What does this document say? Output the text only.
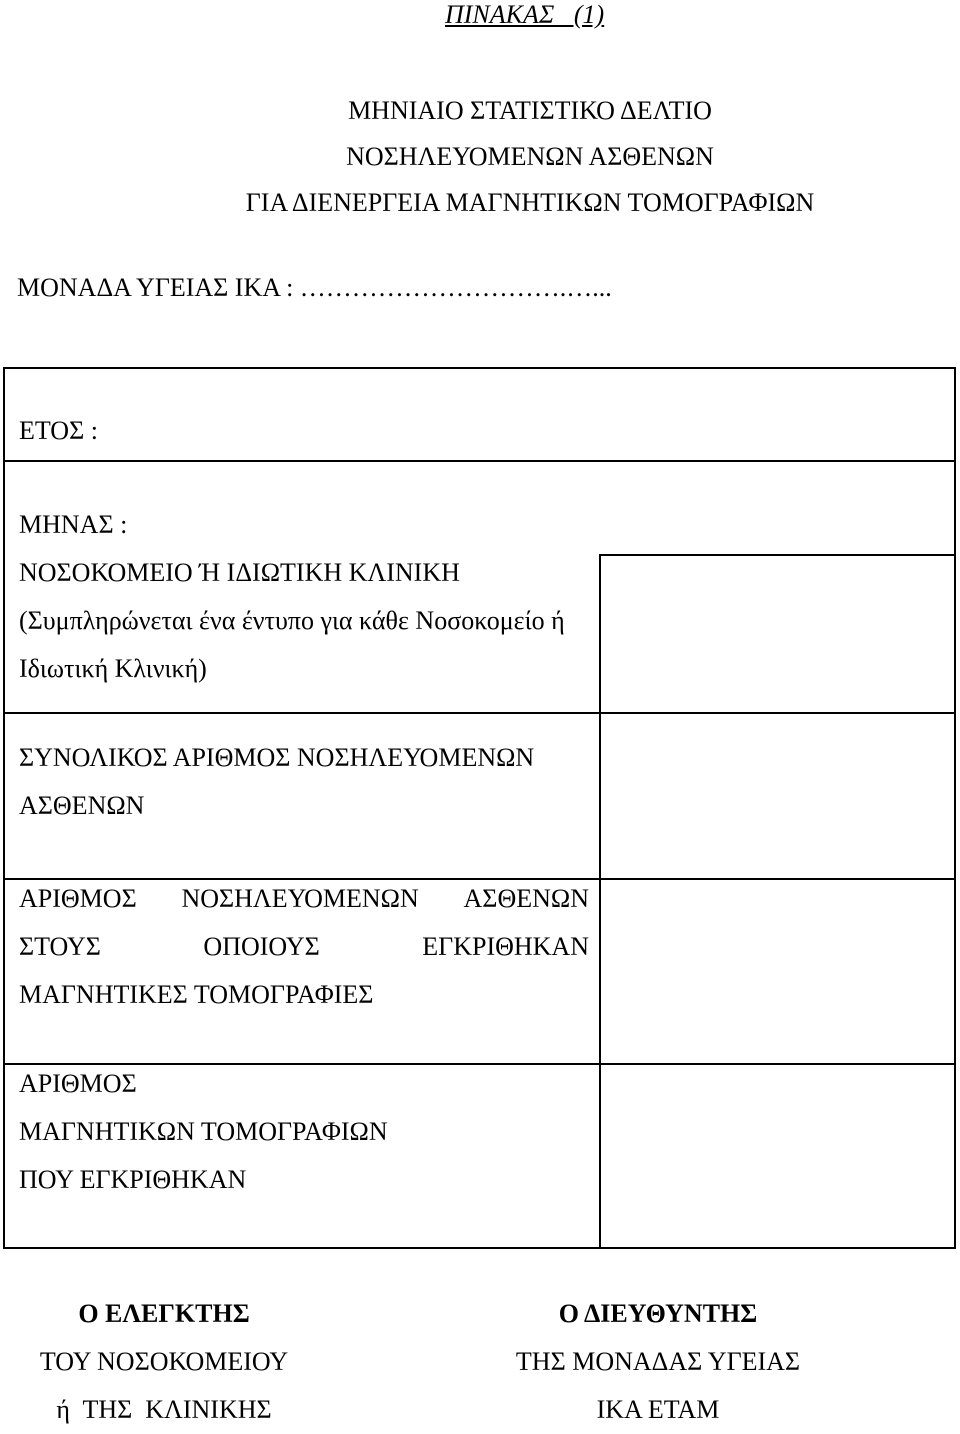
ΠΙΝΑΚΑΣ   (1)
ΜΗΝΙΑΙΟ ΣΤΑΤΙΣΤΙΚΟ ΔΕΛΤΙΟ
ΝΟΣΗΛΕΥΟΜΕΝΩΝ ΑΣΘΕΝΩΝ
ΓΙΑ ΔΙΕΝΕΡΓΕΙΑ ΜΑΓΝΗΤΙΚΩΝ ΤΟΜΟΓΡΑΦΙΩΝ
ΜΟΝΑΔΑ ΥΓΕΙΑΣ ΙΚΑ : ………………………….…...
ΕΤΟΣ :
ΜΗΝΑΣ :
ΝΟΣΟΚΟΜΕΙΟ Ή ΙΔΙΩΤΙΚΗ ΚΛΙΝΙΚΗ
(Συμπληρώνεται ένα έντυπο για κάθε Νοσοκομείο ή
Ιδιωτική Κλινική)
ΣΥΝΟΛΙΚΟΣ ΑΡΙΘΜΟΣ ΝΟΣΗΛΕΥΟΜΕΝΩΝ
ΑΣΘΕΝΩΝ
ΑΡΙΘΜΟΣ ΝΟΣΗΛΕΥΟΜΕΝΩΝ ΑΣΘΕΝΩΝ
ΣΤΟΥΣ	ΟΠΟΙΟΥΣ	ΕΓΚΡΙΘΗΚΑΝ
ΜΑΓΝΗΤΙΚΕΣ ΤΟΜΟΓΡΑΦΙΕΣ
ΑΡΙΘΜΟΣ
ΜΑΓΝΗΤΙΚΩΝ ΤΟΜΟΓΡΑΦΙΩΝ
ΠΟΥ ΕΓΚΡΙΘΗΚΑΝ
Ο ΕΛΕΓΚΤΗΣ
ΤΟΥ ΝΟΣΟΚΟΜΕΙΟΥ
ή  ΤΗΣ  ΚΛΙΝΙΚΗΣ
Ο ΔΙΕΥΘΥΝΤΗΣ
ΤΗΣ ΜΟΝΑΔΑΣ ΥΓΕΙΑΣ
ΙΚΑ ΕΤΑΜ
